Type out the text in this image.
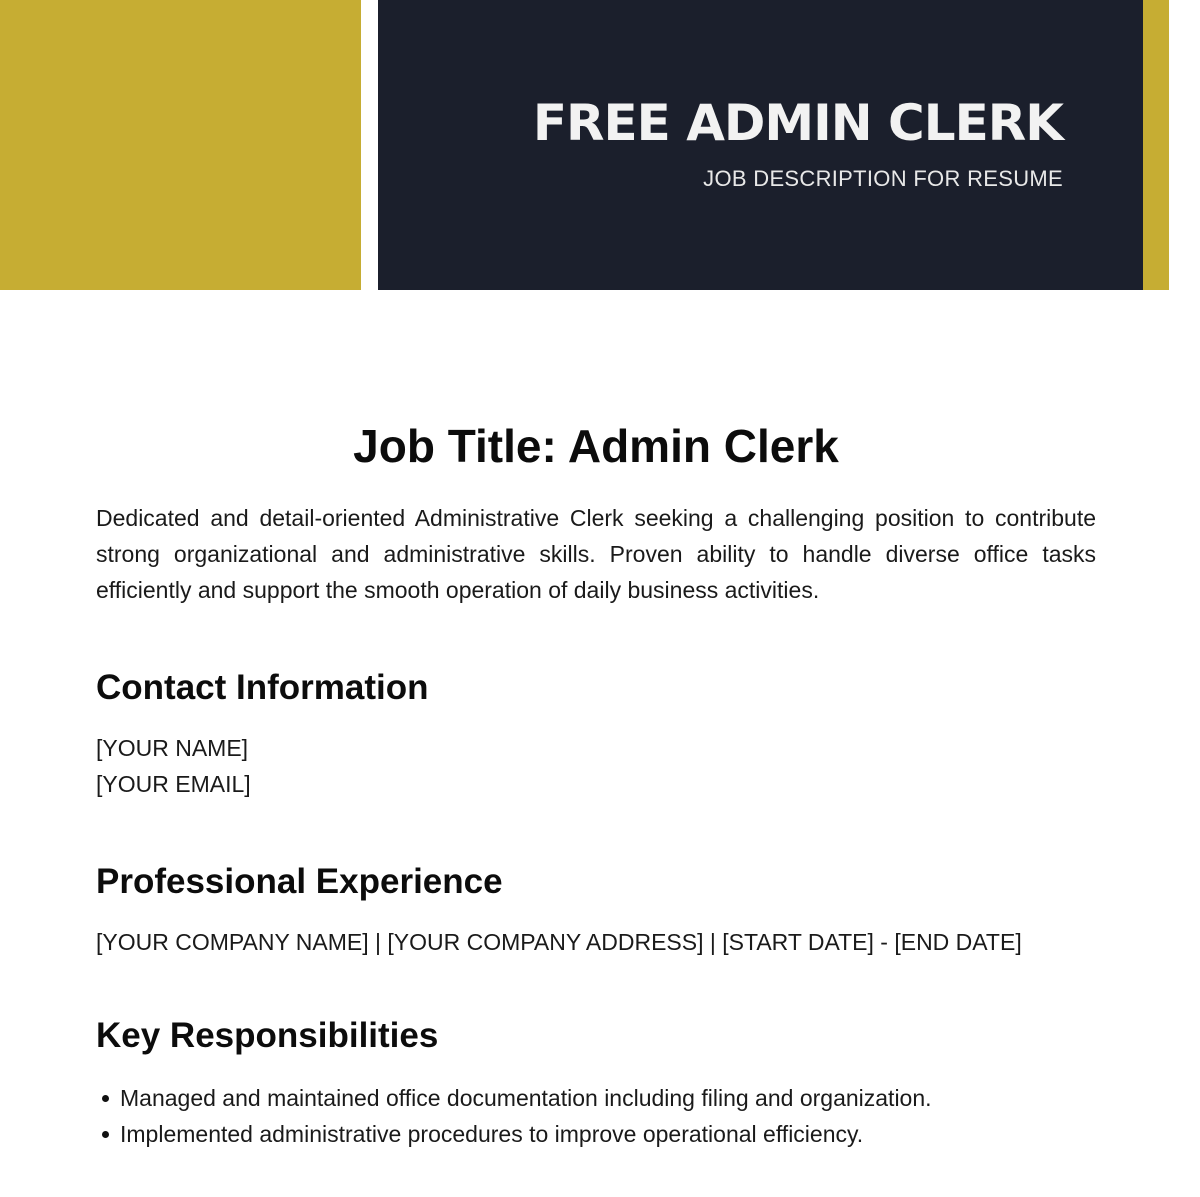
FREE ADMIN CLERK
JOB DESCRIPTION FOR RESUME
Job Title: Admin Clerk

Dedicated and detail-oriented Administrative Clerk seeking a challenging position to contribute strong organizational and administrative skills. Proven ability to handle diverse office tasks efficiently and support the smooth operation of daily business activities.

Contact Information
[YOUR NAME]
[YOUR EMAIL]
Professional Experience
[YOUR COMPANY NAME] | [YOUR COMPANY ADDRESS] | [START DATE] - [END DATE]
Key Responsibilities
Managed and maintained office documentation including filing and organization.
Implemented administrative procedures to improve operational efficiency.
